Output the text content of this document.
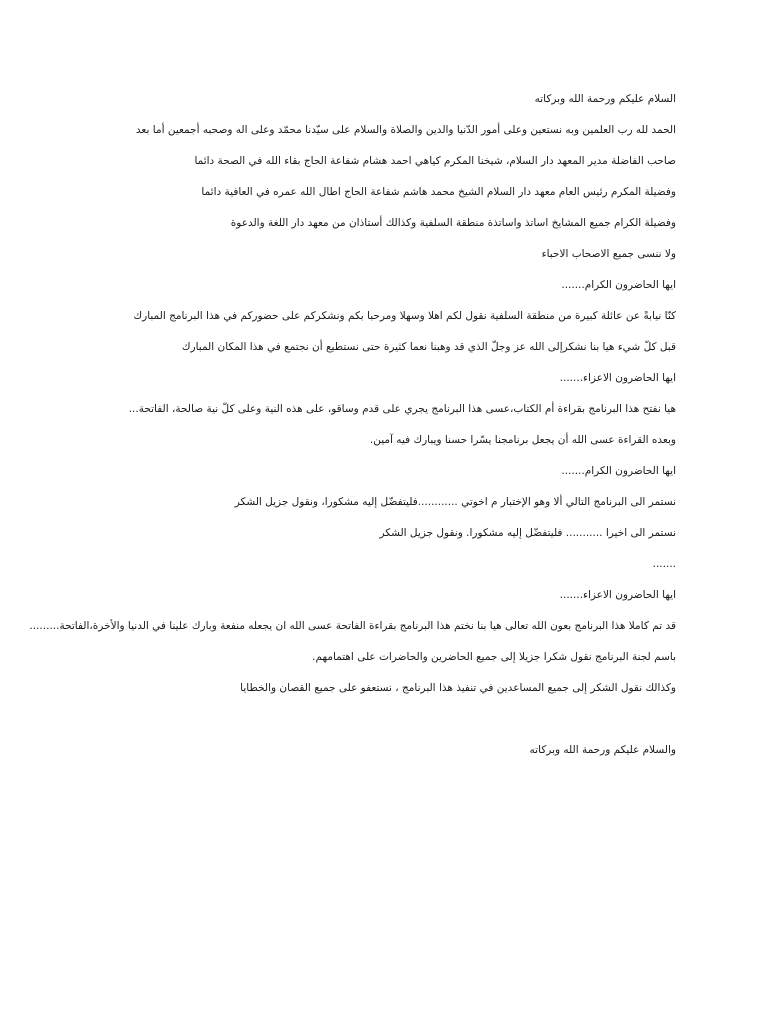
السلام عليكم ورحمة الله وبركاته
الحمد لله رب العلمين وبه نستعين وعلى أمور الدّنيا والدين والصلاة والسلام على سيّدنا محمّد وعلى اله وصحبه أجمعين أما بعد
صاحب الفاضلة مدير المعهد دار السلام، شيخنا المكرم كياهي احمد هشام شفاعة الحاج بقاء الله في الصحة دائما
وفضيلة المكرم رئيس العام معهد دار السلام الشيخ محمد هاشم شفاعة الحاج اطال الله عمره في العافية دائما
وفضيلة الكرام جميع المشايخ اساتذ واساتذة منطقة السلفية وكذالك أستاذان من معهد دار اللغة والدعوة
ولا ننسى جميع الاصحاب الاحباء
ايها الحاضرون الكرام.......
كنّا نيابةً عن عائلة كبيرة من منطقة السلفية نقول لكم اهلا وسهلا ومرحبا بكم ونشكركم على حضوركم في هذا البرنامج المبارك
قبل كلّ شيء هيا بنا نشكرإلى الله عز وجلّ الذي قد وهبنا نعما كثيرة حتى نستطيع أن نجتمع في هذا المكان المبارك
ايها الحاضرون الاعزاء.......
هيا نفتح هذا البرنامج بقراءة أم الكتاب،عسى هذا البرنامج يجري على قدم وساقو، على هذه النية وعلى كلّ نية صالحة، الفاتحة...
وبعده القراءة عسى الله أن يجعل برنامجنا يسّرا حسنا ويبارك فيه آمين.
ايها الحاضرون الكرام.......
نستمر الى البرنامج التالي ألا وهو الإختبار م اخوتي ............فليتفضّل إليه مشكورا، ونقول جزيل الشكر
نستمر الى اخيرا ........... فليتفضّل إليه مشكورا. ونقول جزيل الشكر
.......
ايها الحاضرون الاعزاء.......
قد تم كاملا هذا البرنامج بعون الله تعالى هيا بنا نختم هذا البرنامج بقراءة الفاتحة عسى الله ان يجعله منفعة وبارك علينا في الدنيا والأخرة،الفاتحة.........
باسم لجنة البرنامج نقول شكرا جزيلا إلى جميع الحاضرين والحاضرات على اهتمامهم.
وكذالك نقول الشكر إلى جميع المساعدين في تنفيذ هذا البرنامج ، نستعفو على جميع القصان والخطايا
والسلام عليكم ورحمة الله وبركاته
